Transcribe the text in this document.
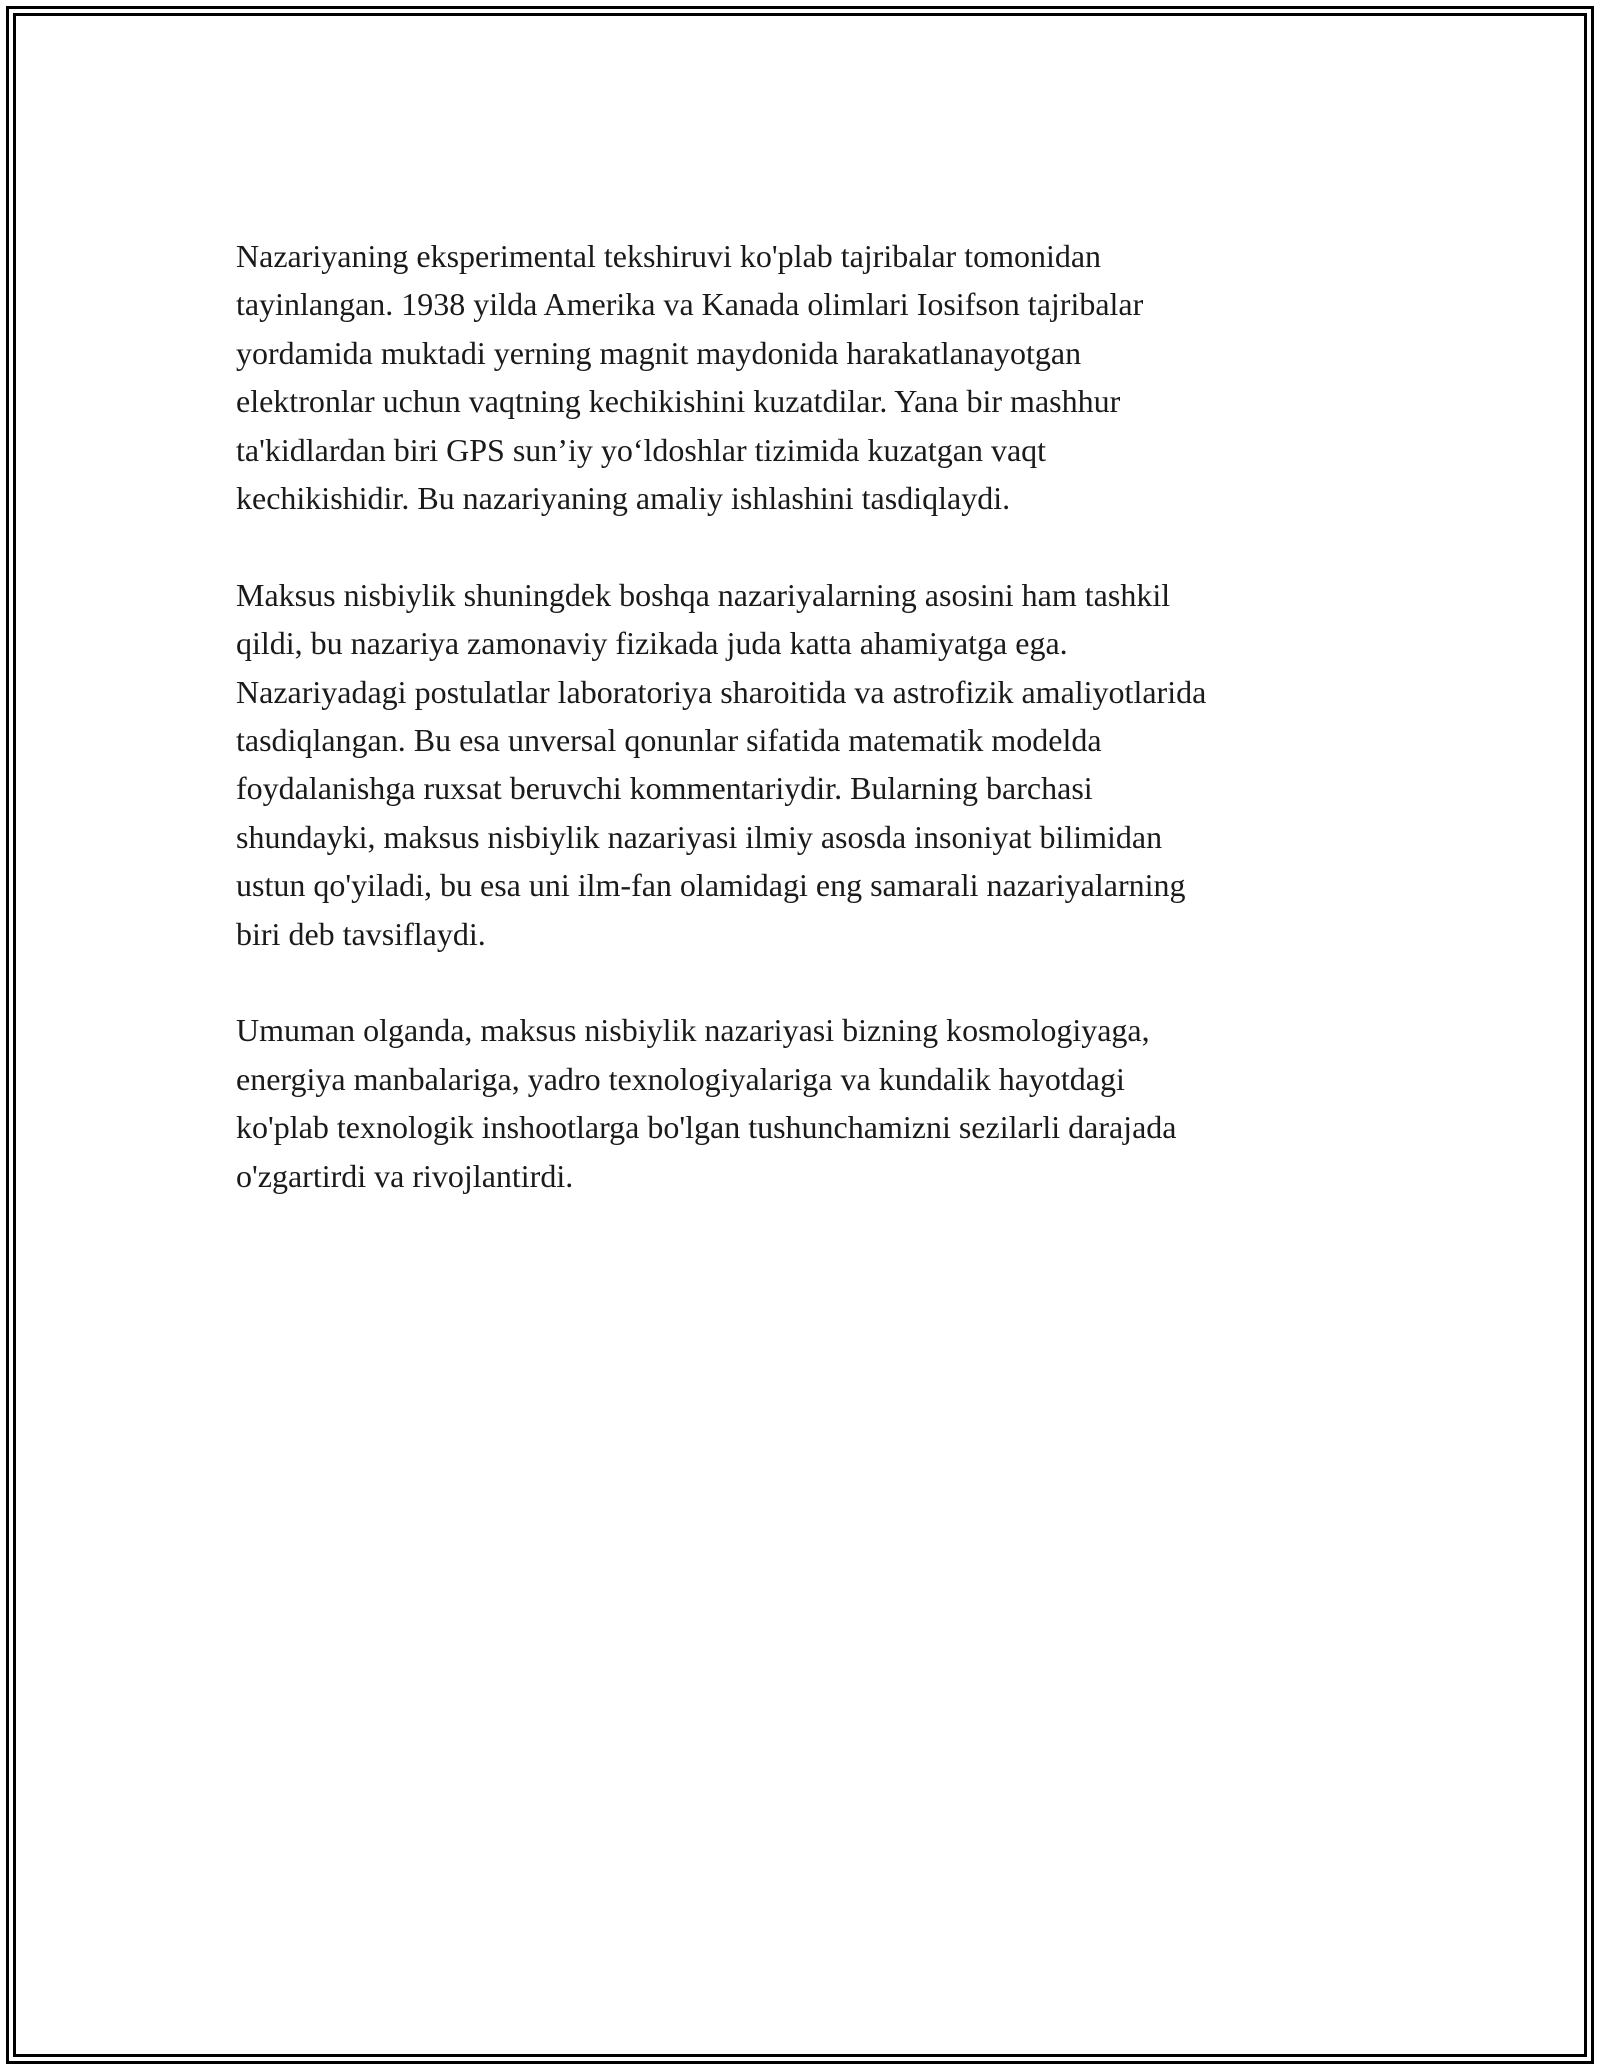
Nazariyaning eksperimental tekshiruvi ko'plab tajribalar tomonidan
tayinlangan. 1938 yilda Amerika va Kanada olimlari Iosifson tajribalar
yordamida muktadi yerning magnit maydonida harakatlanayotgan
elektronlar uchun vaqtning kechikishini kuzatdilar. Yana bir mashhur
ta'kidlardan biri GPS sun’iy yo‘ldoshlar tizimida kuzatgan vaqt
kechikishidir. Bu nazariyaning amaliy ishlashini tasdiqlaydi.

Maksus nisbiylik shuningdek boshqa nazariyalarning asosini ham tashkil
qildi, bu nazariya zamonaviy fizikada juda katta ahamiyatga ega.
Nazariyadagi postulatlar laboratoriya sharoitida va astrofizik amaliyotlarida
tasdiqlangan. Bu esa unversal qonunlar sifatida matematik modelda
foydalanishga ruxsat beruvchi kommentariydir. Bularning barchasi
shundayki, maksus nisbiylik nazariyasi ilmiy asosda insoniyat bilimidan
ustun qo'yiladi, bu esa uni ilm-fan olamidagi eng samarali nazariyalarning
biri deb tavsiflaydi.

Umuman olganda, maksus nisbiylik nazariyasi bizning kosmologiyaga,
energiya manbalariga, yadro texnologiyalariga va kundalik hayotdagi
ko'plab texnologik inshootlarga bo'lgan tushunchamizni sezilarli darajada
o'zgartirdi va rivojlantirdi.
